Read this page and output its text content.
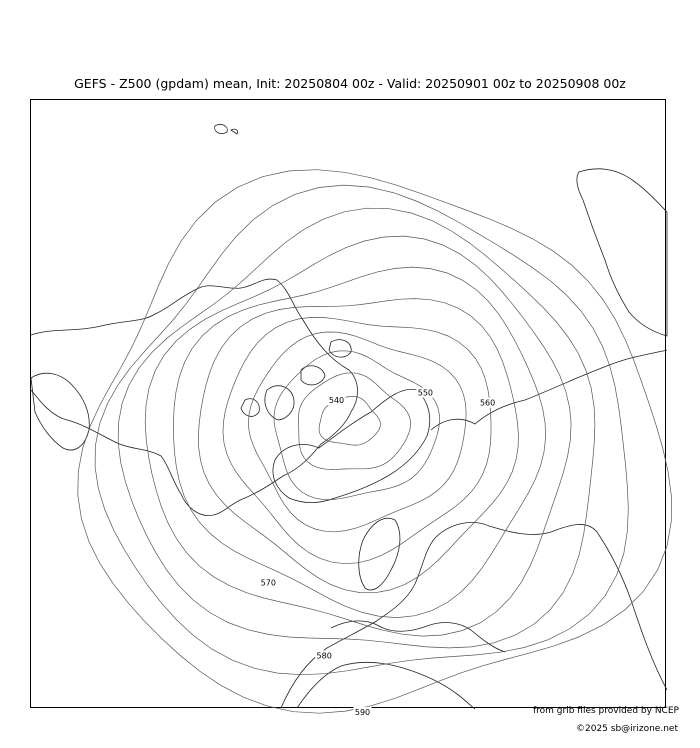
GEFS - Z500 (gpdam) mean, Init: 20250804 00z - Valid: 20250901 00z to 20250908 00z
540
550
560
570
580
590	from grib files provided by NCEP
©2025 sb@irizone.net
